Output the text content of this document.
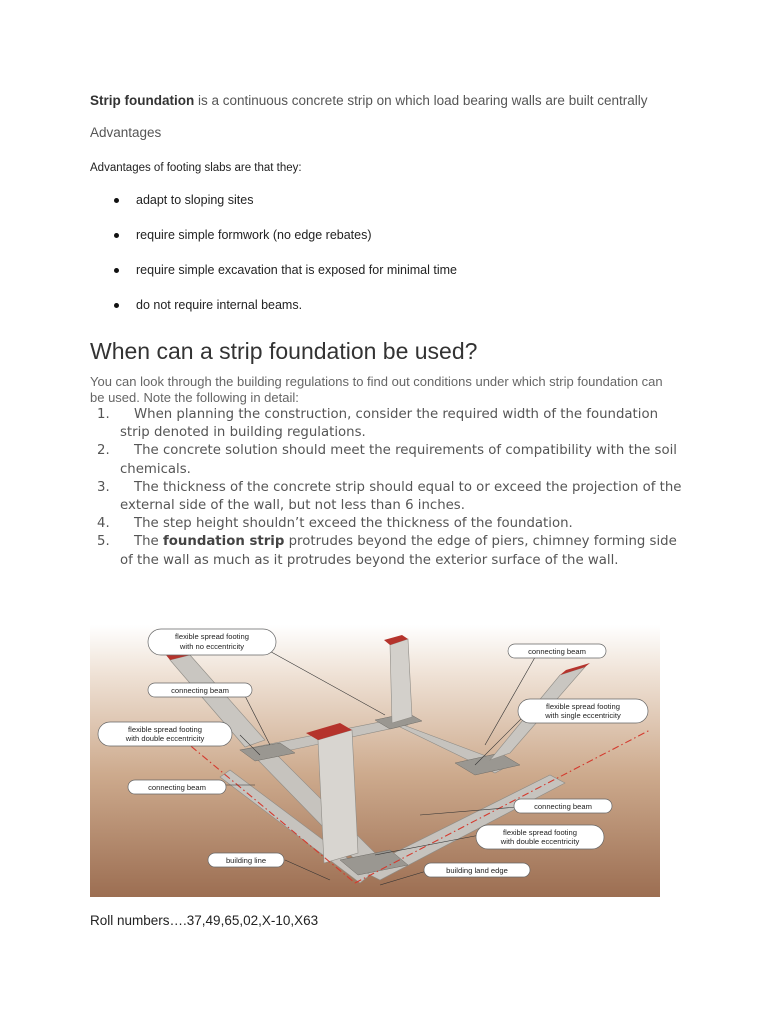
Strip foundation is a continuous concrete strip on which load bearing walls are built centrally
Advantages
Advantages of footing slabs are that they:
adapt to sloping sites
require simple formwork (no edge rebates)
require simple excavation that is exposed for minimal time
do not require internal beams.
When can a strip foundation be used?
You can look through the building regulations to find out conditions under which strip foundation can be used. Note the following in detail:
1. When planning the construction, consider the required width of the foundation strip denoted in building regulations.
2. The concrete solution should meet the requirements of compatibility with the soil chemicals.
3. The thickness of the concrete strip should equal to or exceed the projection of the external side of the wall, but not less than 6 inches.
4. The step height shouldn’t exceed the thickness of the foundation.
5. The foundation strip protrudes beyond the edge of piers, chimney forming side of the wall as much as it protrudes beyond the exterior surface of the wall.
flexible spread footing
with no eccentricity
connecting beam
connecting beam
flexible spread footing
with single eccentricity
flexible spread footing
with double eccentricity
connecting beam
connecting beam
flexible spread footing
with double eccentricity
building line
building land edge
Roll numbers….37,49,65,02,X-10,X63
